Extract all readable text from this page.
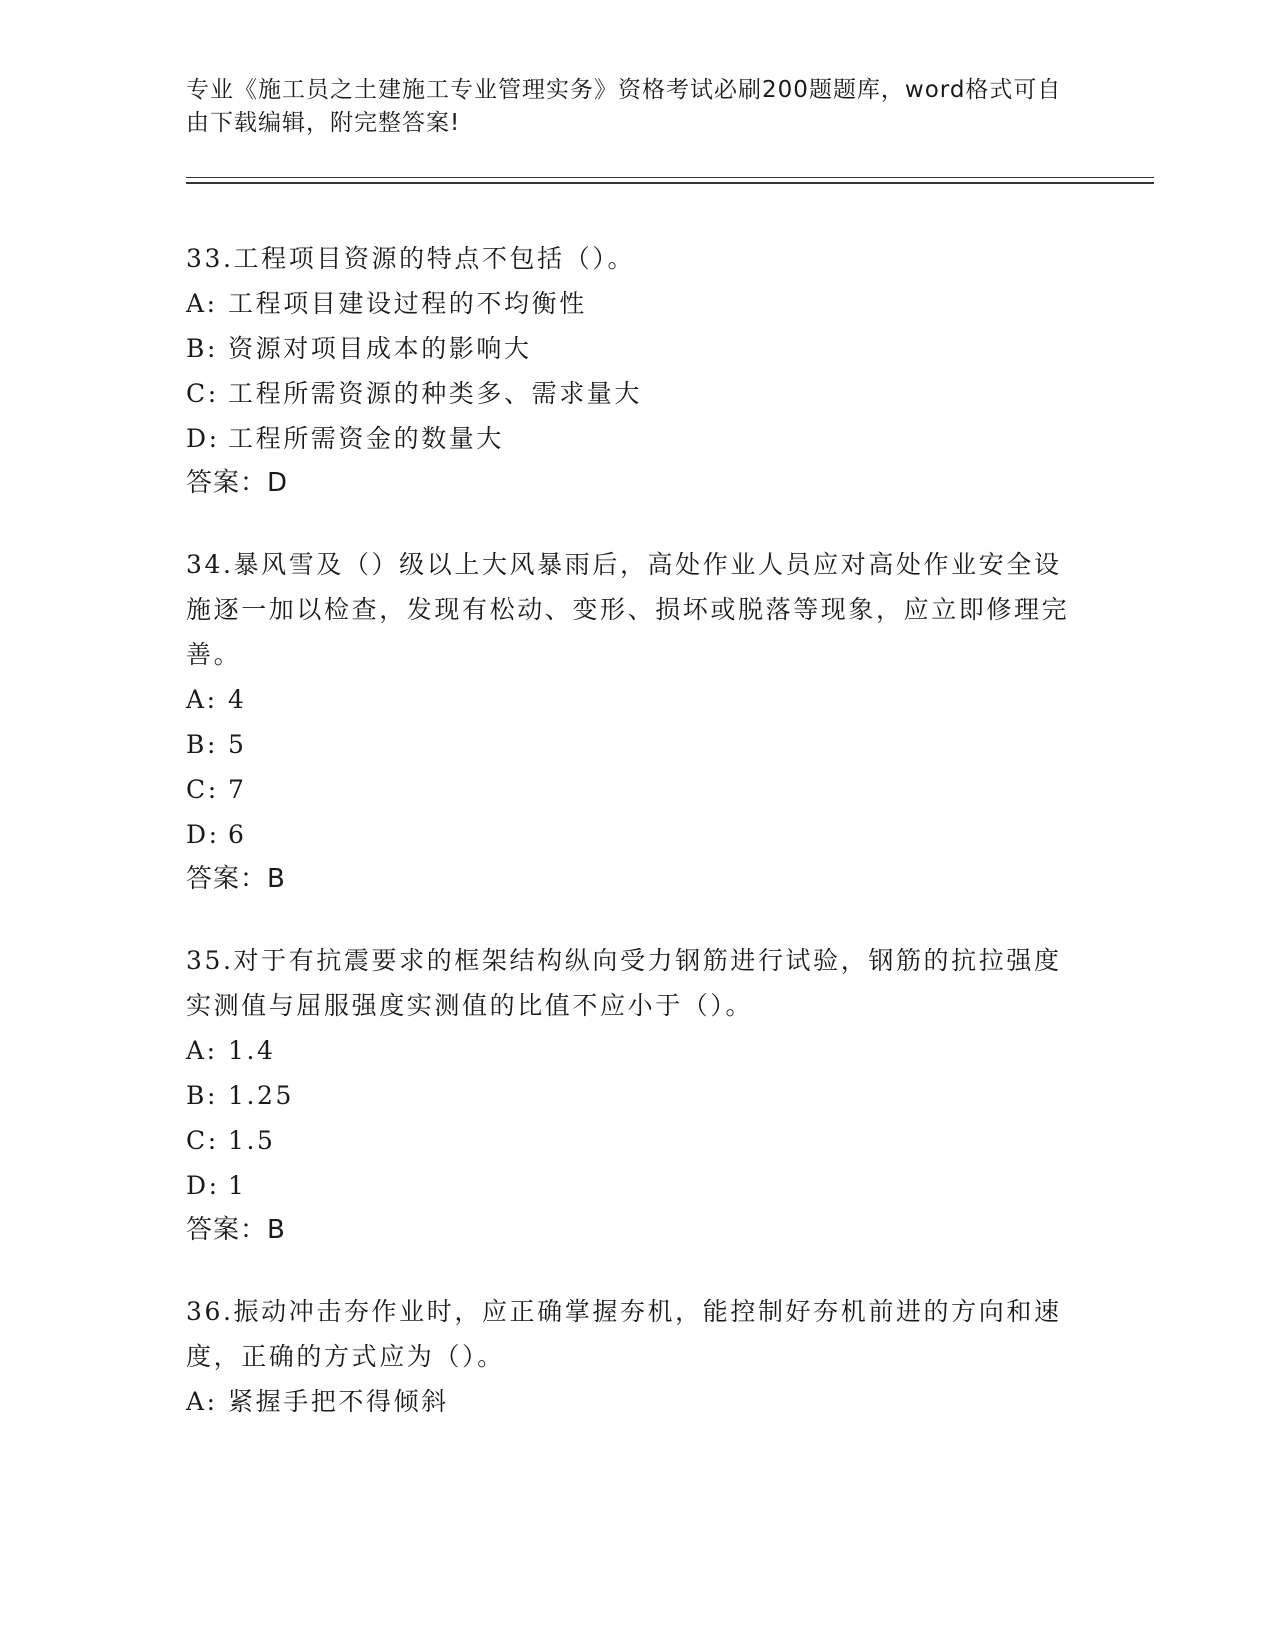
专业《施工员之土建施工专业管理实务》资格考试必刷200题题库，word格式可自由下载编辑，附完整答案!

33.工程项目资源的特点不包括（）。

A: 工程项目建设过程的不均衡性

B: 资源对项目成本的影响大

C: 工程所需资源的种类多、需求量大

D: 工程所需资金的数量大

答案：D

34.暴风雪及（）级以上大风暴雨后，高处作业人员应对高处作业安全设施逐一加以检查，发现有松动、变形、损坏或脱落等现象，应立即修理完善。

A: 4

B: 5

C: 7

D: 6

答案：B

35.对于有抗震要求的框架结构纵向受力钢筋进行试验，钢筋的抗拉强度实测值与屈服强度实测值的比值不应小于（）。

A: 1.4

B: 1.25

C: 1.5

D: 1

答案：B

36.振动冲击夯作业时，应正确掌握夯机，能控制好夯机前进的方向和速度，正确的方式应为（）。

A: 紧握手把不得倾斜
